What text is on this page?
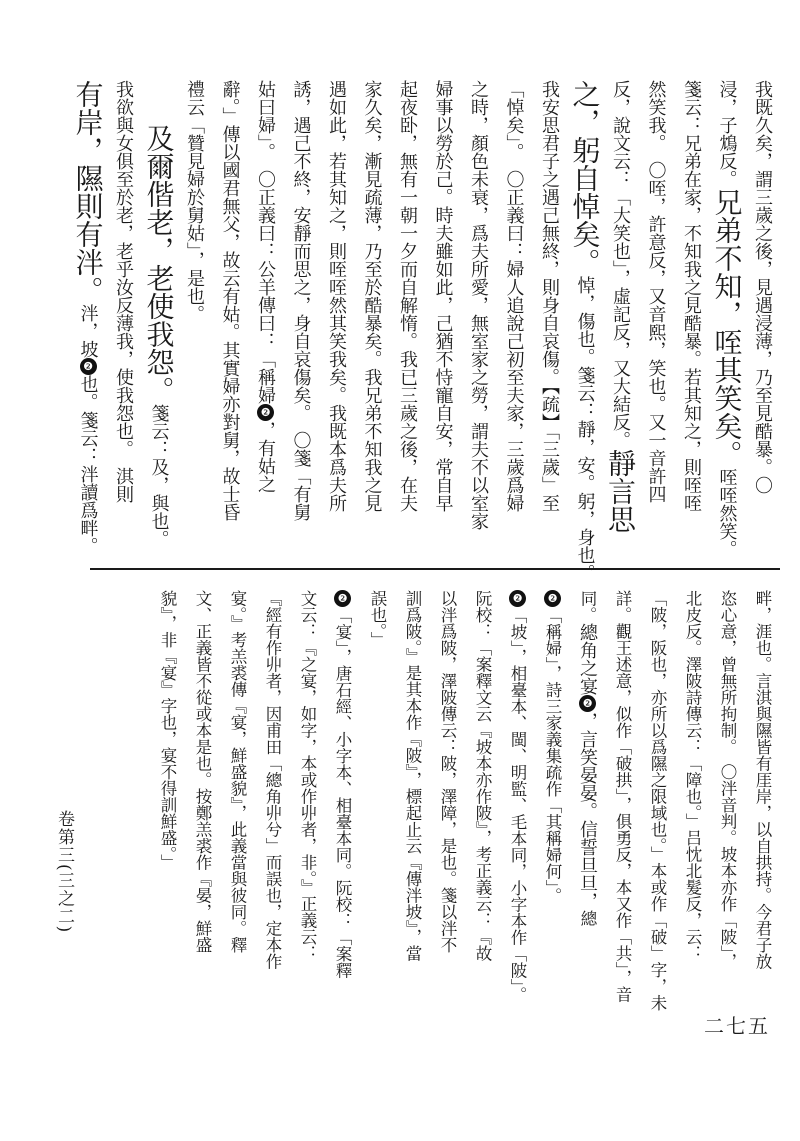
卷第三(三之二)
我既久矣，謂三歲之後，見遇浸薄，乃至見酷暴。〇
浸，子鴆反。兄弟不知，咥其笑矣。咥咥然笑。
箋云：兄弟在家，不知我之見酷暴。若其知之，則咥咥
然笑我。　〇咥，許意反，又音熙，笑也。又一音許四
反，說文云：「大笑也」，虛記反，又大結反。靜言思
之，躬自悼矣。悼，傷也。箋云：靜，安。躬，身也。
我安思君子之遇己無終，則身自哀傷。【疏】「三歲」至
「悼矣」。　〇正義曰：婦人追說己初至夫家，三歲爲婦
之時，顏色未衰，爲夫所愛，無室家之勞，謂夫不以室家
婦事以勞於己。時夫雖如此，己猶不恃寵自安，常自早
起夜卧，無有一朝一夕而自解惰。我已三歲之後，在夫
家久矣，漸見疏薄，乃至於酷暴矣。我兄弟不知我之見
遇如此，若其知之，則咥咥然其笑我矣。我既本爲夫所
誘，遇己不終，安靜而思之，身自哀傷矣。　〇箋「有舅
姑曰婦」。　〇正義曰：公羊傳曰：「稱婦❷，有姑之
辭。」傳以國君無父，故云有姑。其實婦亦對舅，故士昏
禮云「贊見婦於舅姑」，是也。
及爾偕老，老使我怨。箋云：及，與也。
我欲與女俱至於老，老乎汝反薄我，使我怨也。　淇則
有岸，隰則有泮。泮，坡❷也。箋云：泮讀爲畔。
畔，涯也。言淇與隰皆有厓岸，以自拱持。今君子放
恣心意，曾無所拘制。　〇泮音判。坡本亦作「陂」，
北皮反。澤陂詩傳云：「障也。」吕忱北髮反，云：
「陂，阪也，亦所以爲隰之限域也。」本或作「破」字，未
詳。觀王述意，似作「破拱」，俱勇反，本又作「共」，音
同。總角之宴❷，言笑晏晏。信誓旦旦，總
❷「稱婦」，詩三家義集疏作「其稱婦何」。
❷「坡」，相臺本、閩、明監、毛本同，小字本作「陂」。
阮校：「案釋文云『坡本亦作陂』，考正義云：『故
以泮爲陂，澤陂傳云：陂，澤障，是也。箋以泮不
訓爲陂。』是其本作『陂』，標起止云『傳泮坡』，當
誤也。」
❷「宴」，唐石經、小字本、相臺本同。阮校：「案釋
文云：『之宴，如字，本或作丱者，非。』正義云：
『經有作丱者，因甫田「總角丱兮」而誤也，定本作
宴。』考羔裘傳『宴，鮮盛貌』，此義當與彼同。釋
文、正義皆不從或本是也。按鄭羔裘作『晏，鮮盛
貌』，非『宴』字也，宴不得訓鮮盛。」
二七五
